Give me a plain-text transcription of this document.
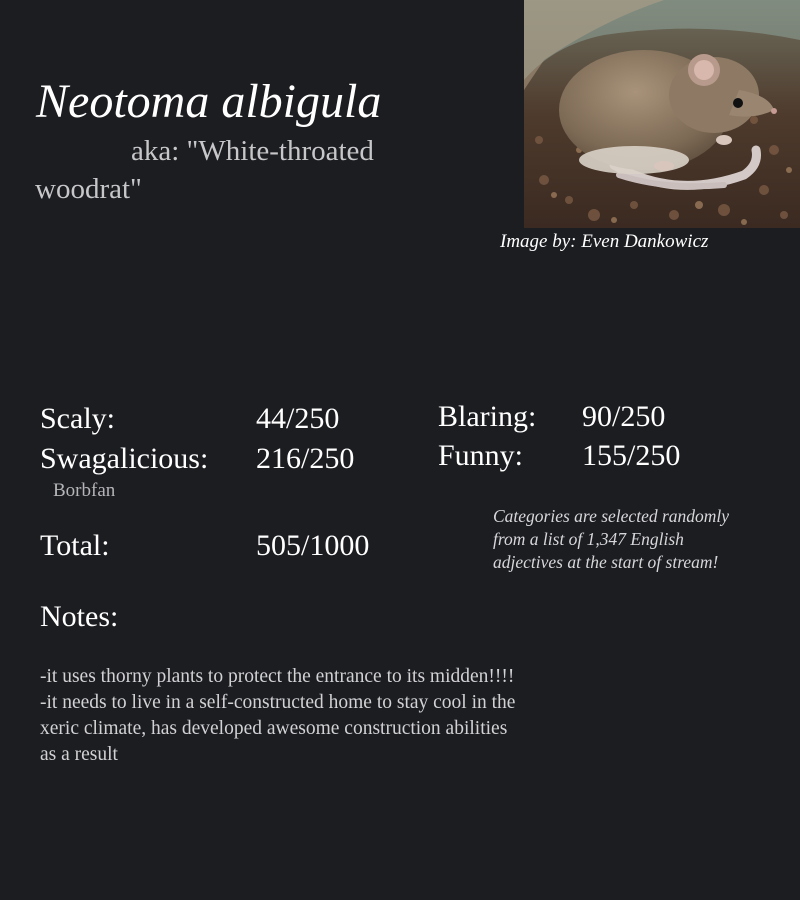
Neotoma albigula
aka: "White-throated woodrat"
Image by: Even Dankowicz
Scaly:	44/250
Swagalicious: 216/250
Blaring: 90/250
Funny: 155/250
Borbfan
Total:	505/1000
Categories are selected randomly from a list of 1,347 English adjectives at the start of stream!
Notes:

-it uses thorny plants to protect the entrance to its midden!!!!

-it needs to live in a self-constructed home to stay cool in the xeric climate, has developed awesome construction abilities as a result
